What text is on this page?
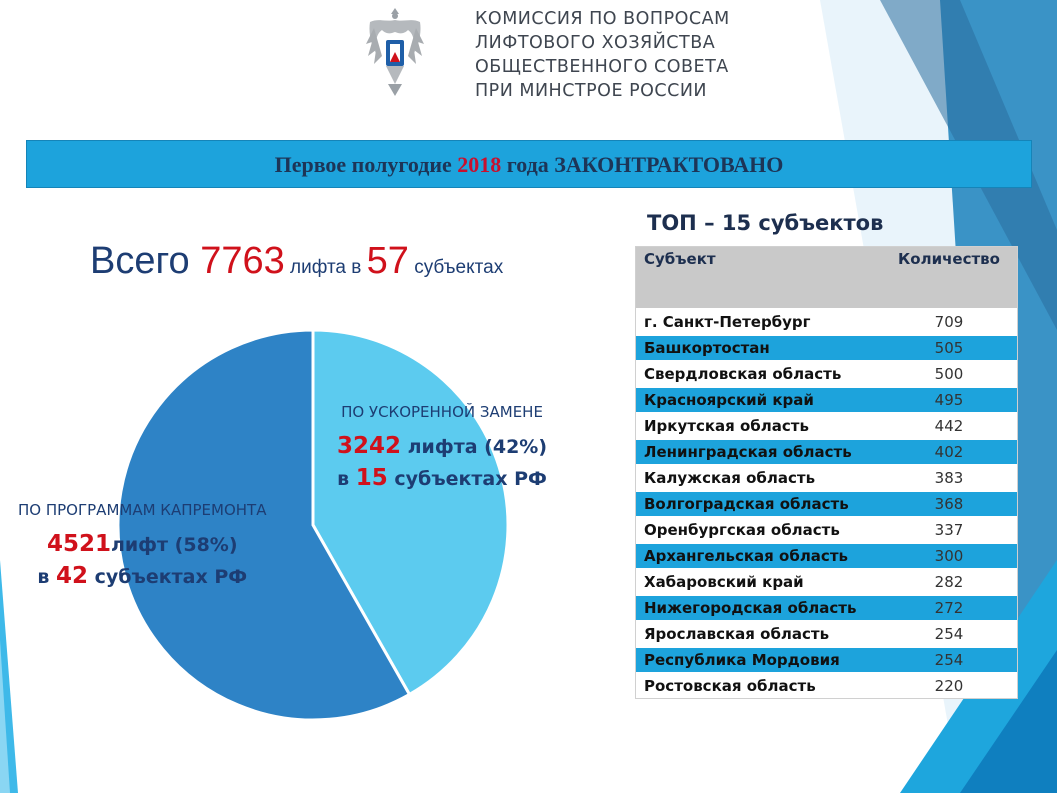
КОМИССИЯ ПО ВОПРОСАМ
ЛИФТОВОГО ХОЗЯЙСТВА
ОБЩЕСТВЕННОГО СОВЕТА
ПРИ МИНСТРОЕ РОССИИ
Первое полугодие 2018 года ЗАКОНТРАКТОВАНО
Всего 7763 лифта в 57 субъектах
ПО УСКОРЕННОЙ ЗАМЕНЕ
3242 лифта (42%)
в 15 субъектах РФ
ПО ПРОГРАММАМ КАПРЕМОНТА
4521лифт (58%)
в 42 субъектах РФ
ТОП – 15 субъектов
Субъект	Количество
г. Санкт-Петербург	709
Башкортостан	505
Свердловская область	500
Красноярский край	495
Иркутская область	442
Ленинградская область	402
Калужская область	383
Волгоградская область	368
Оренбургская область	337
Архангельская область	300
Хабаровский край	282
Нижегородская область	272
Ярославская область	254
Республика Мордовия	254
Ростовская область	220
